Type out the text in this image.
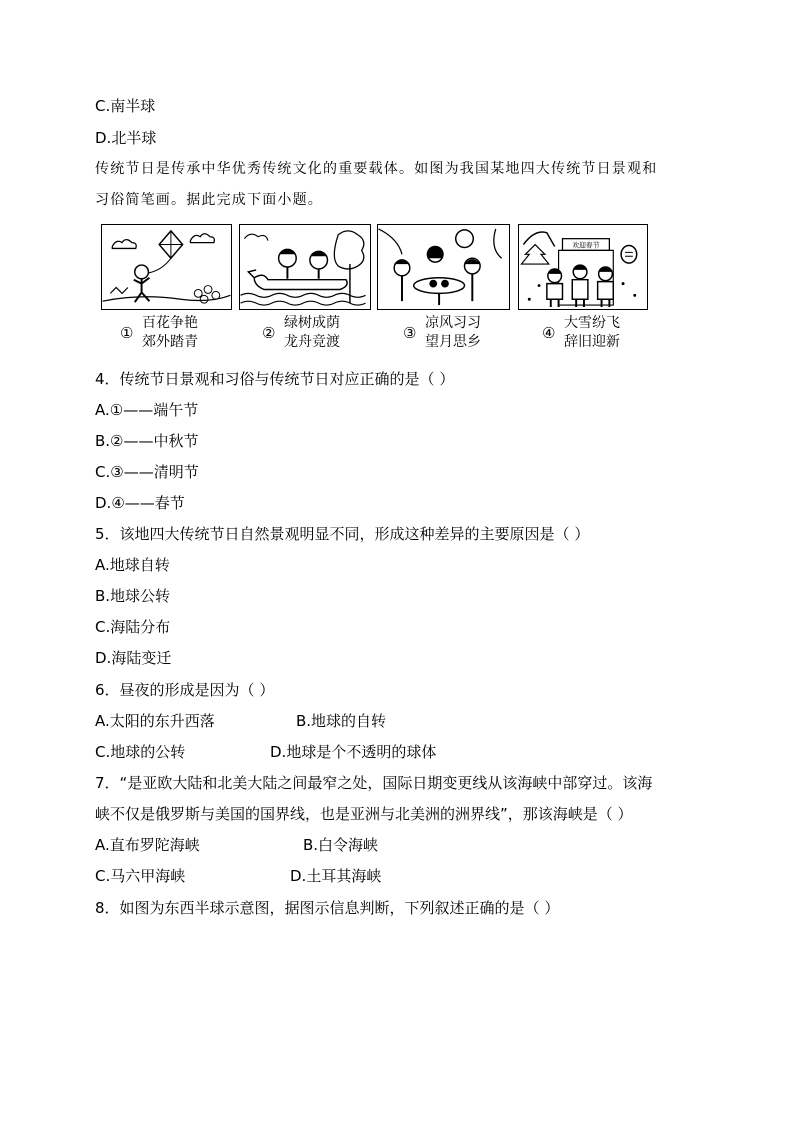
C.南半球
D.北半球
传统节日是传承中华优秀传统文化的重要载体。如图为我国某地四大传统节日景观和
习俗简笔画。据此完成下面小题。
欢迎春节
①
百花争艳
郊外踏青	②
绿树成荫
龙舟竞渡	③
凉风习习
望月思乡	④
大雪纷飞
辞旧迎新
4．传统节日景观和习俗与传统节日对应正确的是（ ）
A.①——端午节
B.②——中秋节
C.③——清明节
D.④——春节
5．该地四大传统节日自然景观明显不同，形成这种差异的主要原因是（ ）
A.地球自转
B.地球公转
C.海陆分布
D.海陆变迁
6．昼夜的形成是因为（ ）
A.太阳的东升西落	B.地球的自转
C.地球的公转	D.地球是个不透明的球体
7．“是亚欧大陆和北美大陆之间最窄之处，国际日期变更线从该海峡中部穿过。该海
峡不仅是俄罗斯与美国的国界线，也是亚洲与北美洲的洲界线”，那该海峡是（ ）
A.直布罗陀海峡	B.白令海峡
C.马六甲海峡	D.土耳其海峡
8．如图为东西半球示意图，据图示信息判断，下列叙述正确的是（ ）
